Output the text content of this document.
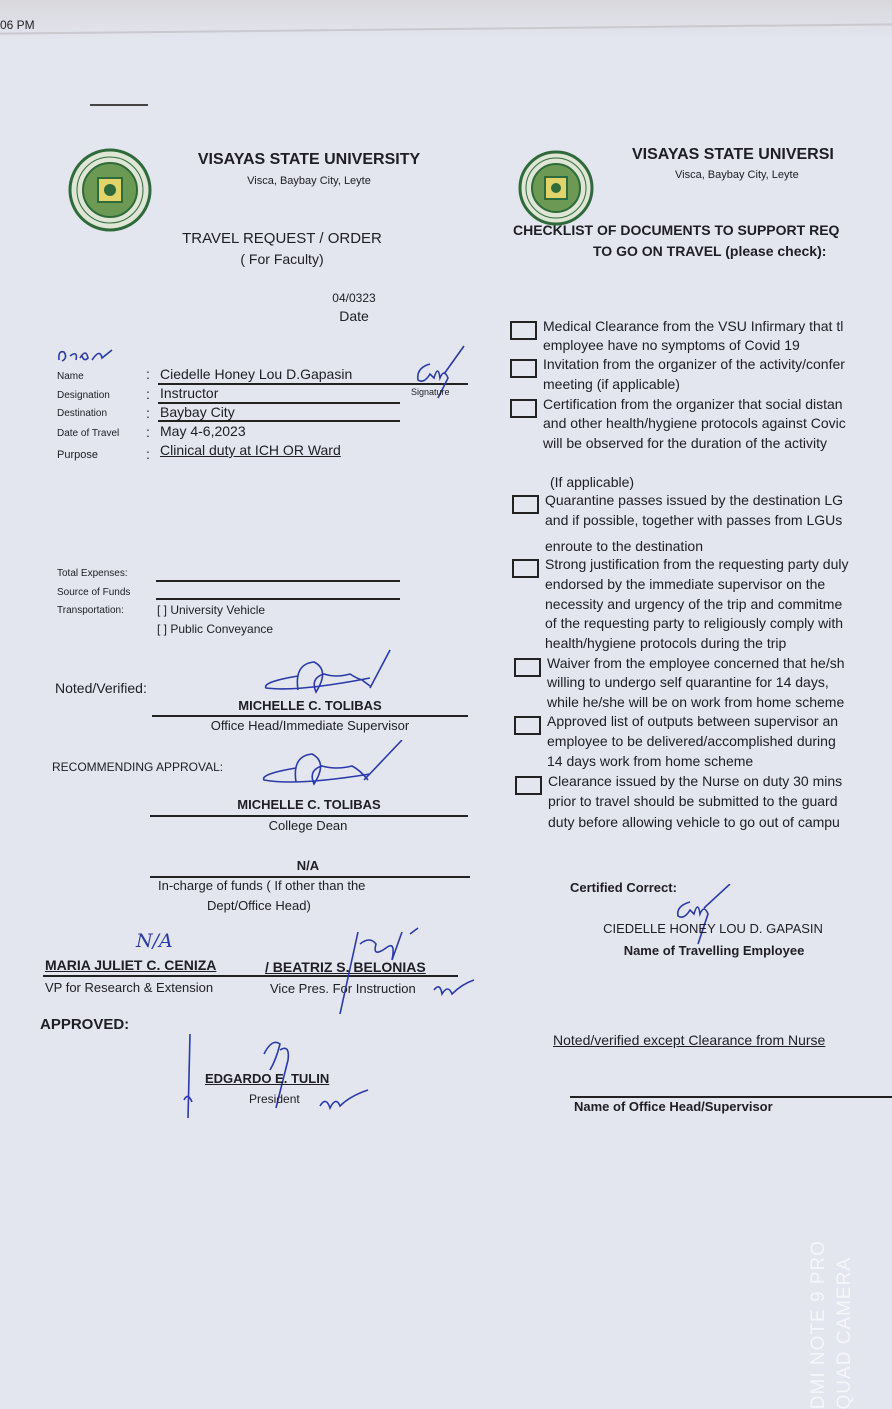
06 PM
VISAYAS STATE UNIVERSITY
Visca, Baybay City, Leyte
TRAVEL REQUEST / ORDER
( For Faculty)
04/0323
Date
Name	: Ciedelle Honey Lou D.Gapasin
Designation	: Instructor
Destination	: Baybay City
Date of Travel : May 4-6,2023
Purpose	: Clinical duty at ICH OR Ward
Signature
Total Expenses:
Source of Funds
Transportation:	[ ] University Vehicle
[ ] Public Conveyance
Noted/Verified:
MICHELLE C. TOLIBAS
Office Head/Immediate Supervisor
RECOMMENDING APPROVAL:
MICHELLE C. TOLIBAS
College Dean
N/A
In-charge of funds ( If other than the
Dept/Office Head)
N/A
MARIA JULIET C. CENIZA	/ BEATRIZ S. BELONIAS
VP for Research & Extension	Vice Pres. For Instruction
APPROVED:
EDGARDO E. TULIN
President
VISAYAS STATE UNIVERSI
Visca, Baybay City, Leyte
CHECKLIST OF DOCUMENTS TO SUPPORT REQ
TO GO ON TRAVEL (please check):
Medical Clearance from the VSU Infirmary that tl
employee have no symptoms of Covid 19
Invitation from the organizer of the activity/confer
meeting (if applicable)
Certification from the organizer that social distan
and other health/hygiene protocols against Covic
will be observed for the duration of the activity
Quarantine passes issued by the destination LG
and if possible, together with passes from LGUs
enroute to the destination
Strong justification from the requesting party duly
endorsed by the immediate supervisor on the
necessity and urgency of the trip and commitme
of the requesting party to religiously comply with
health/hygiene protocols during the trip
Waiver from the employee concerned that he/sh
willing to undergo self quarantine for 14 days,
while he/she will be on work from home scheme
Approved list of outputs between supervisor an
employee to be delivered/accomplished during
14 days work from home scheme
Clearance issued by the Nurse on duty 30 mins
prior to travel should be submitted to the guard
duty before allowing vehicle to go out of campu
(If applicable)
Certified Correct:
CIEDELLE HONEY LOU D. GAPASIN
Name of Travelling Employee
Noted/verified except Clearance from Nurse
Name of Office Head/Supervisor
DMI NOTE 9 PRO QUAD CAMERA
